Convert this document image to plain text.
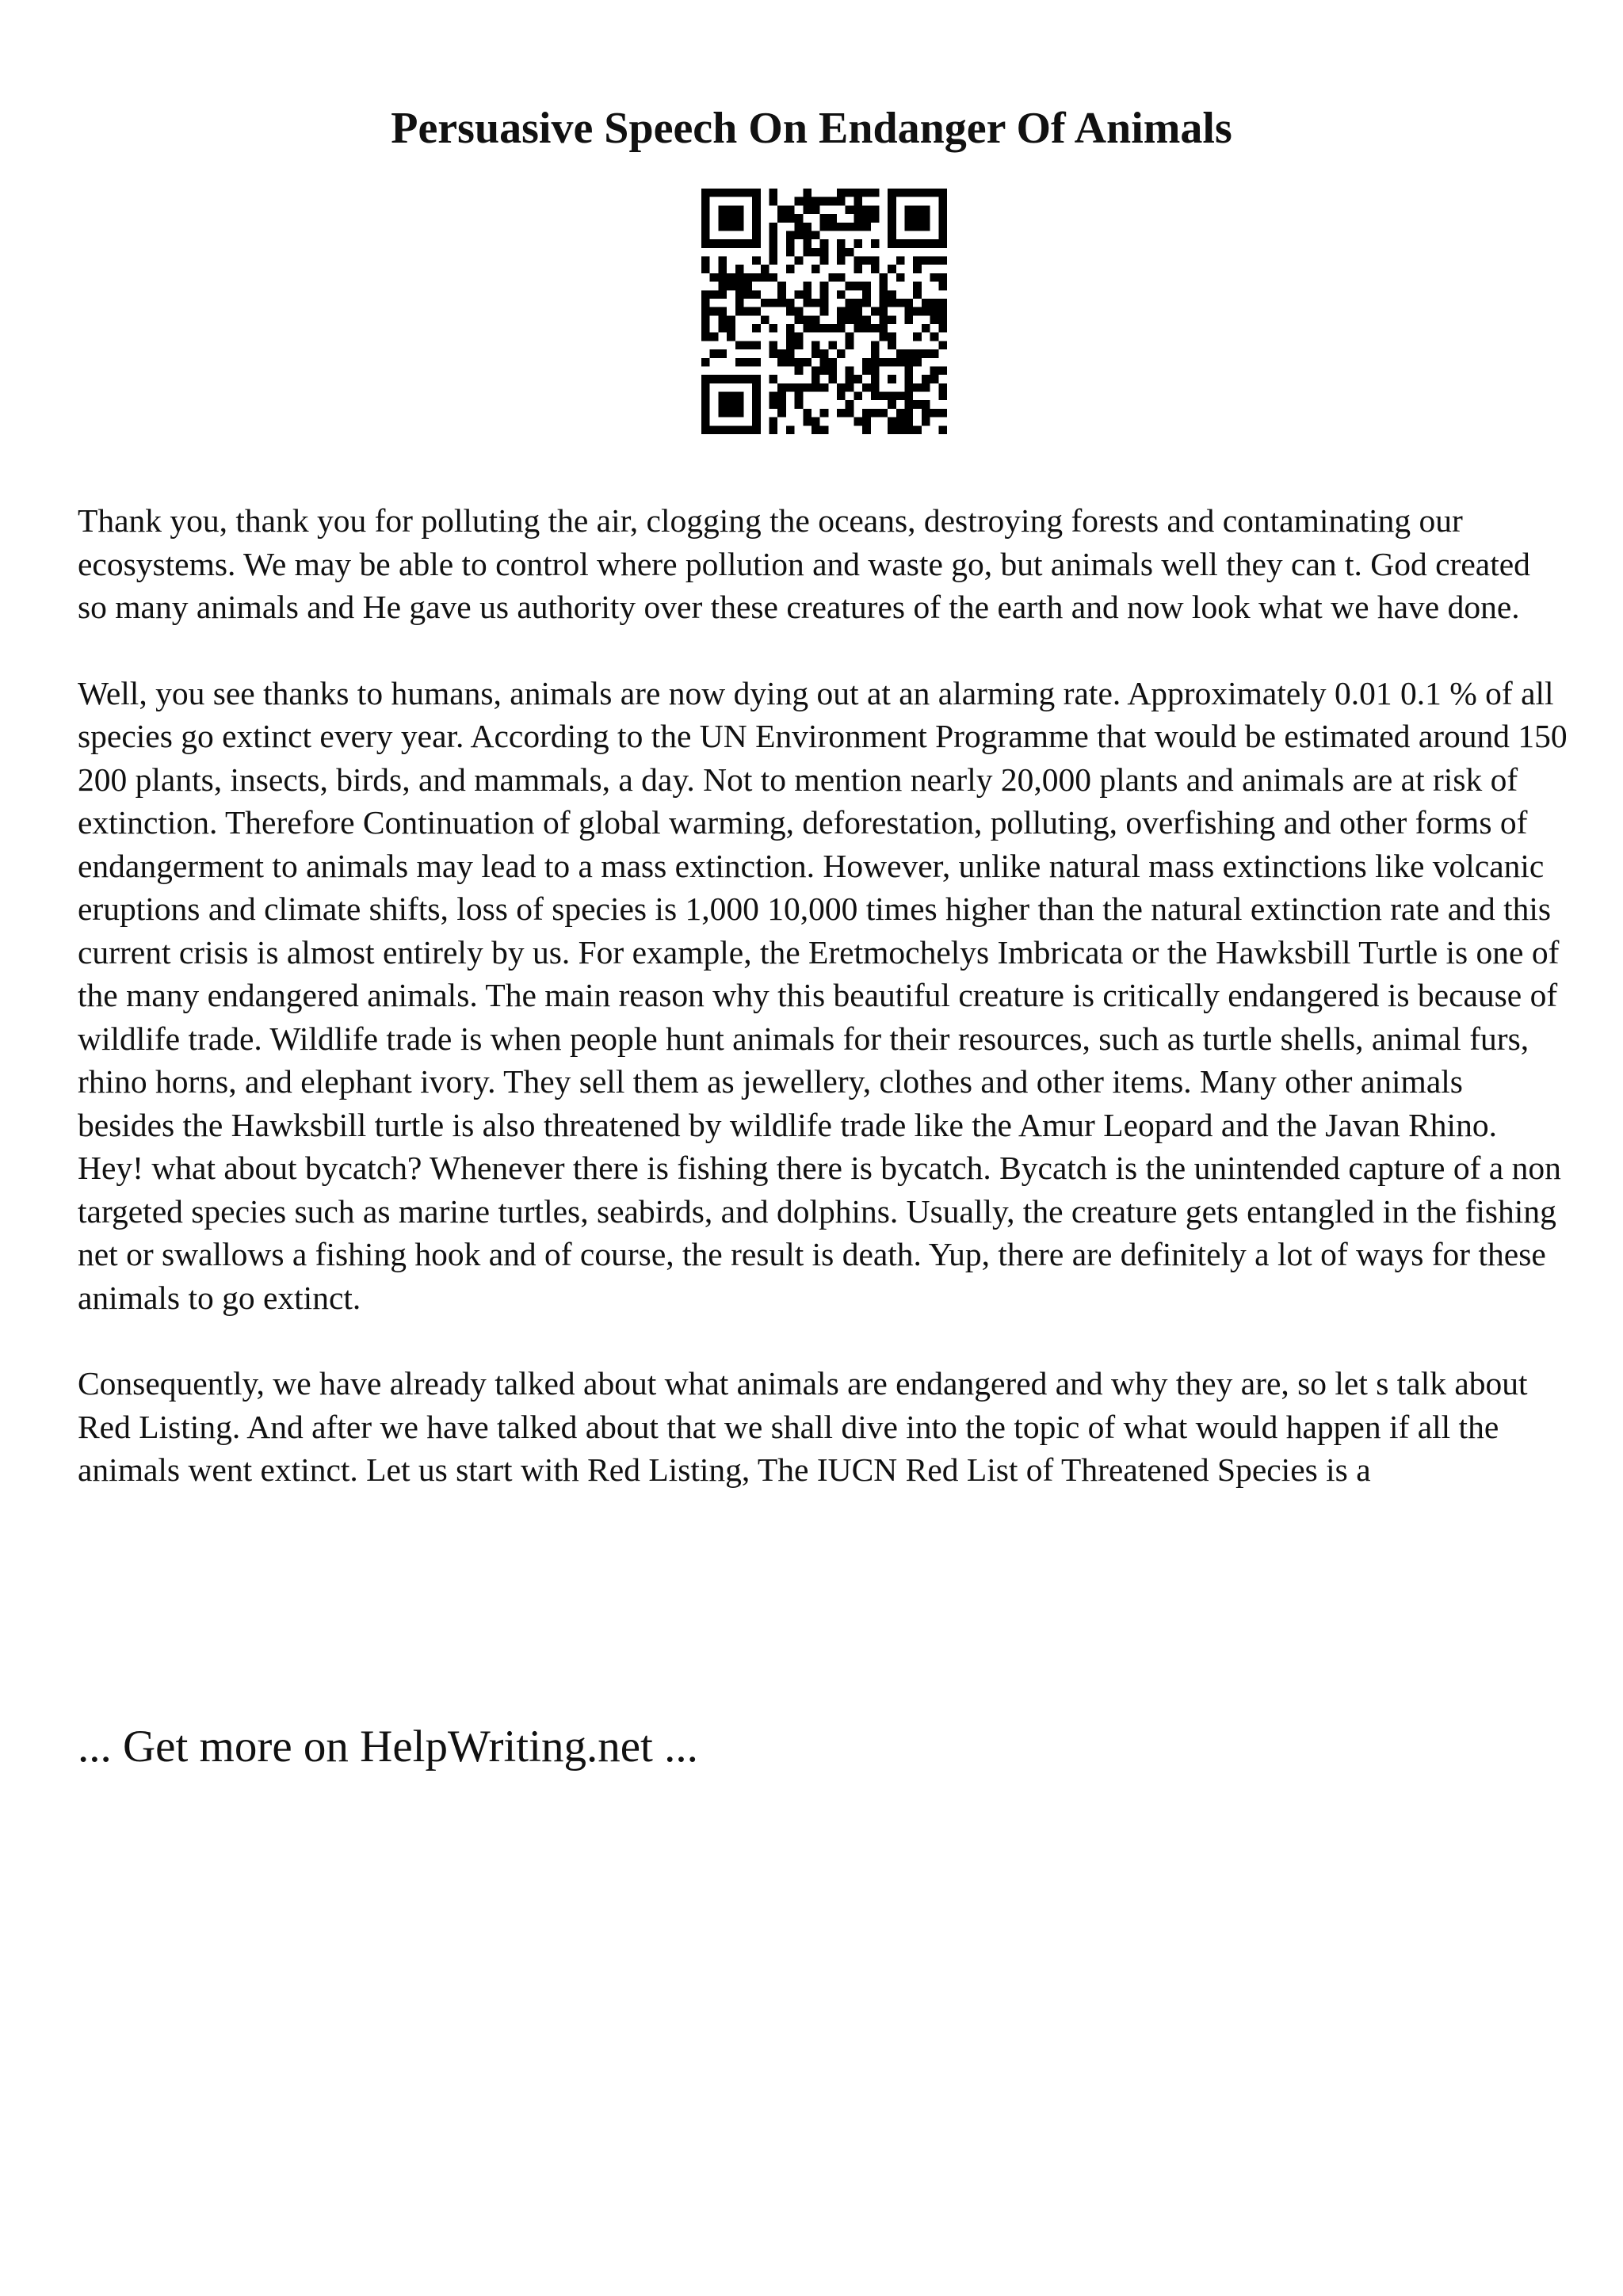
Persuasive Speech On Endanger Of Animals

Thank you, thank you for polluting the air, clogging the oceans, destroying forests and contaminating our ecosystems. We may be able to control where pollution and waste go, but animals well they can t. God created so many animals and He gave us authority over these creatures of the earth and now look what we have done.

Well, you see thanks to humans, animals are now dying out at an alarming rate. Approximately 0.01 0.1 % of all species go extinct every year. According to the UN Environment Programme that would be estimated around 150 200 plants, insects, birds, and mammals, a day. Not to mention nearly 20,000 plants and animals are at risk of extinction. Therefore Continuation of global warming, deforestation, polluting, overfishing and other forms of endangerment to animals may lead to a mass extinction. However, unlike natural mass extinctions like volcanic eruptions and climate shifts, loss of species is 1,000 10,000 times higher than the natural extinction rate and this current crisis is almost entirely by us. For example, the Eretmochelys Imbricata or the Hawksbill Turtle is one of the many endangered animals. The main reason why this beautiful creature is critically endangered is because of wildlife trade. Wildlife trade is when people hunt animals for their resources, such as turtle shells, animal furs, rhino horns, and elephant ivory. They sell them as jewellery, clothes and other items. Many other animals besides the Hawksbill turtle is also threatened by wildlife trade like the Amur Leopard and the Javan Rhino. Hey! what about bycatch? Whenever there is fishing there is bycatch. Bycatch is the unintended capture of a non targeted species such as marine turtles, seabirds, and dolphins. Usually, the creature gets entangled in the fishing net or swallows a fishing hook and of course, the result is death. Yup, there are definitely a lot of ways for these animals to go extinct.

Consequently, we have already talked about what animals are endangered and why they are, so let s talk about Red Listing. And after we have talked about that we shall dive into the topic of what would happen if all the animals went extinct. Let us start with Red Listing, The IUCN Red List of Threatened Species is a

... Get more on HelpWriting.net ...
